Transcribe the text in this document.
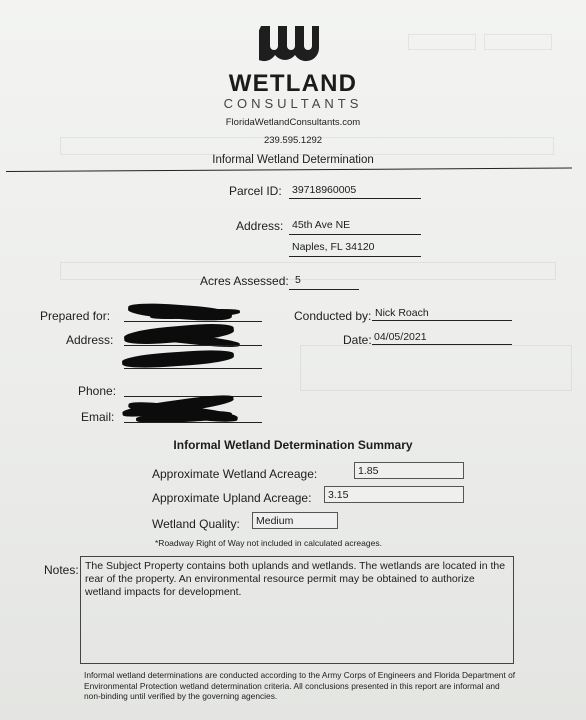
WETLAND
CONSULTANTS
FloridaWetlandConsultants.com
239.595.1292
Informal Wetland Determination
Parcel ID: 39718960005
Address: 45th Ave NE
Naples, FL 34120
Acres Assessed: 5
Prepared for:
Address:
Phone:
Email:
Conducted by: Nick Roach
Date: 04/05/2021
Informal Wetland Determination Summary
Approximate Wetland Acreage:	1.85
Approximate Upland Acreage:	3.15
Wetland Quality:	Medium
*Roadway Right of Way not included in calculated acreages.
Notes: The Subject Property contains both uplands and wetlands. The wetlands are located in the rear of the property. An environmental resource permit may be obtained to authorize wetland impacts for development.
Informal wetland determinations are conducted according to the Army Corps of Engineers and Florida Department of Environmental Protection wetland determination criteria. All conclusions presented in this report are informal and non-binding until verified by the governing agencies.
